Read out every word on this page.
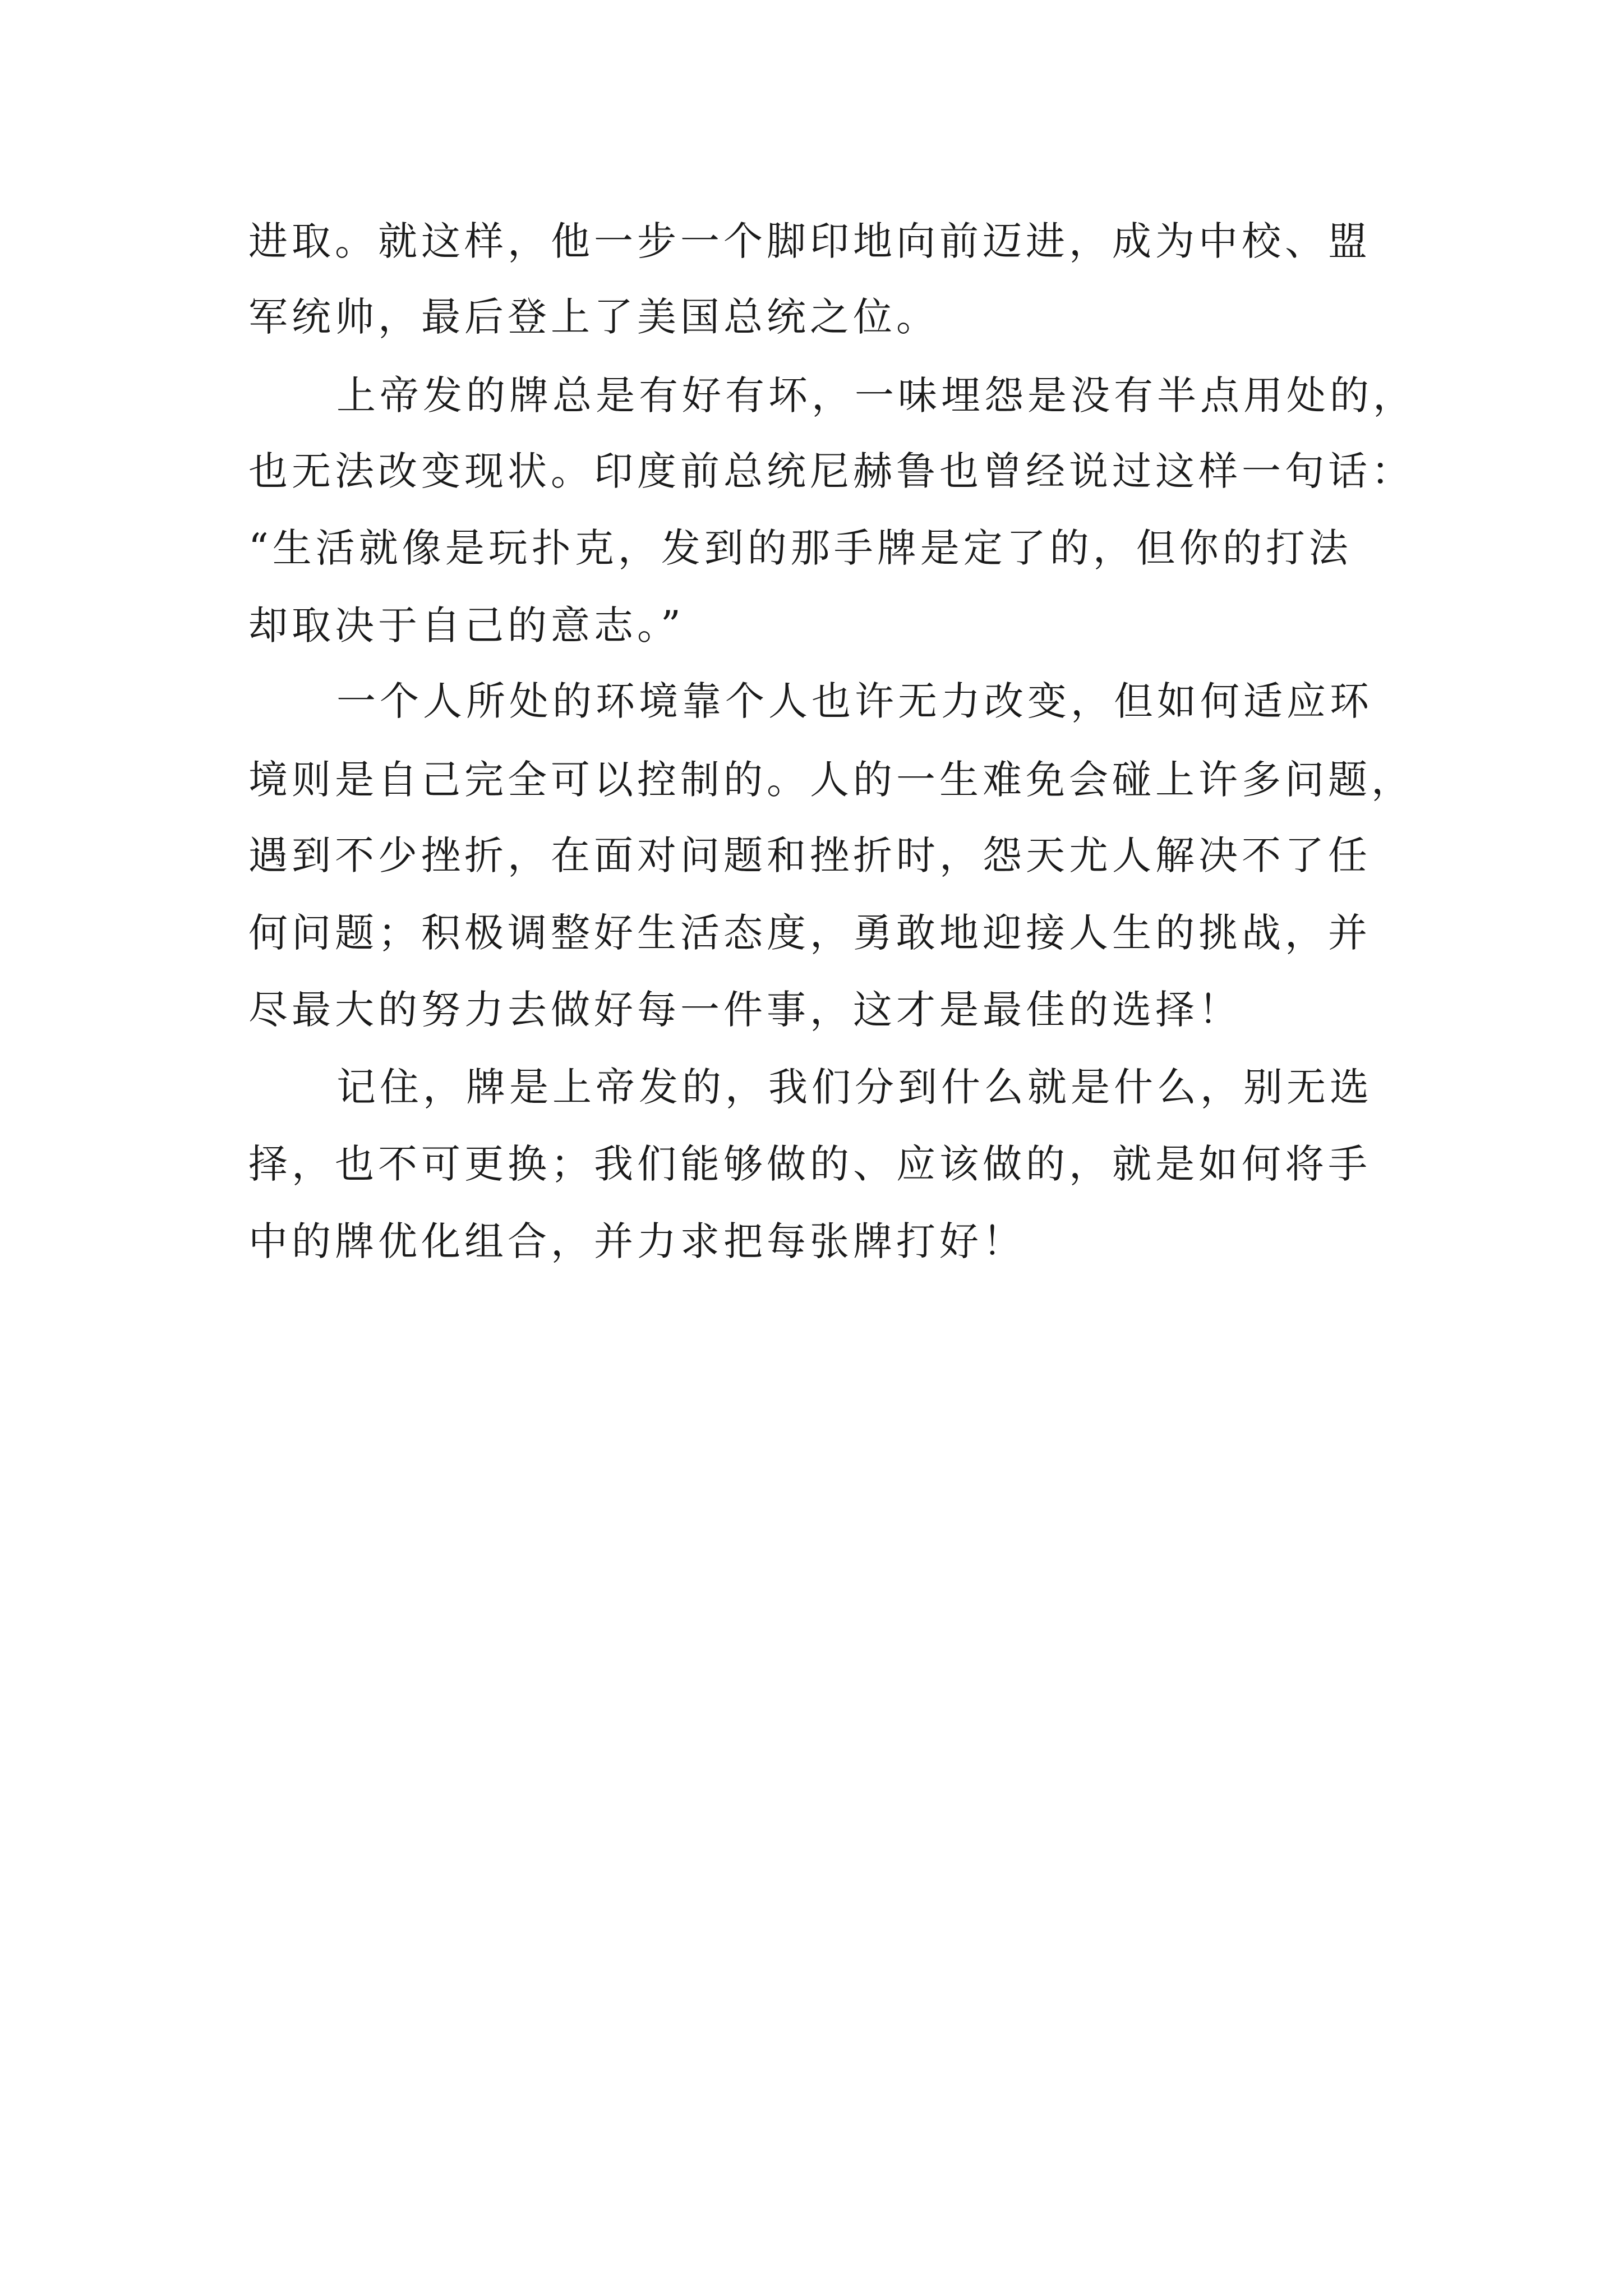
进取。就这样，他一步一个脚印地向前迈进，成为中校、盟
军统帅，最后登上了美国总统之位。
上帝发的牌总是有好有坏，一味埋怨是没有半点用处的，
也无法改变现状。印度前总统尼赫鲁也曾经说过这样一句话：
“生活就像是玩扑克，发到的那手牌是定了的，但你的打法
却取决于自己的意志。”
一个人所处的环境靠个人也许无力改变，但如何适应环
境则是自己完全可以控制的。人的一生难免会碰上许多问题，
遇到不少挫折，在面对问题和挫折时，怨天尤人解决不了任
何问题；积极调整好生活态度，勇敢地迎接人生的挑战，并
尽最大的努力去做好每一件事，这才是最佳的选择！
记住，牌是上帝发的，我们分到什么就是什么，别无选
择，也不可更换；我们能够做的、应该做的，就是如何将手
中的牌优化组合，并力求把每张牌打好！
